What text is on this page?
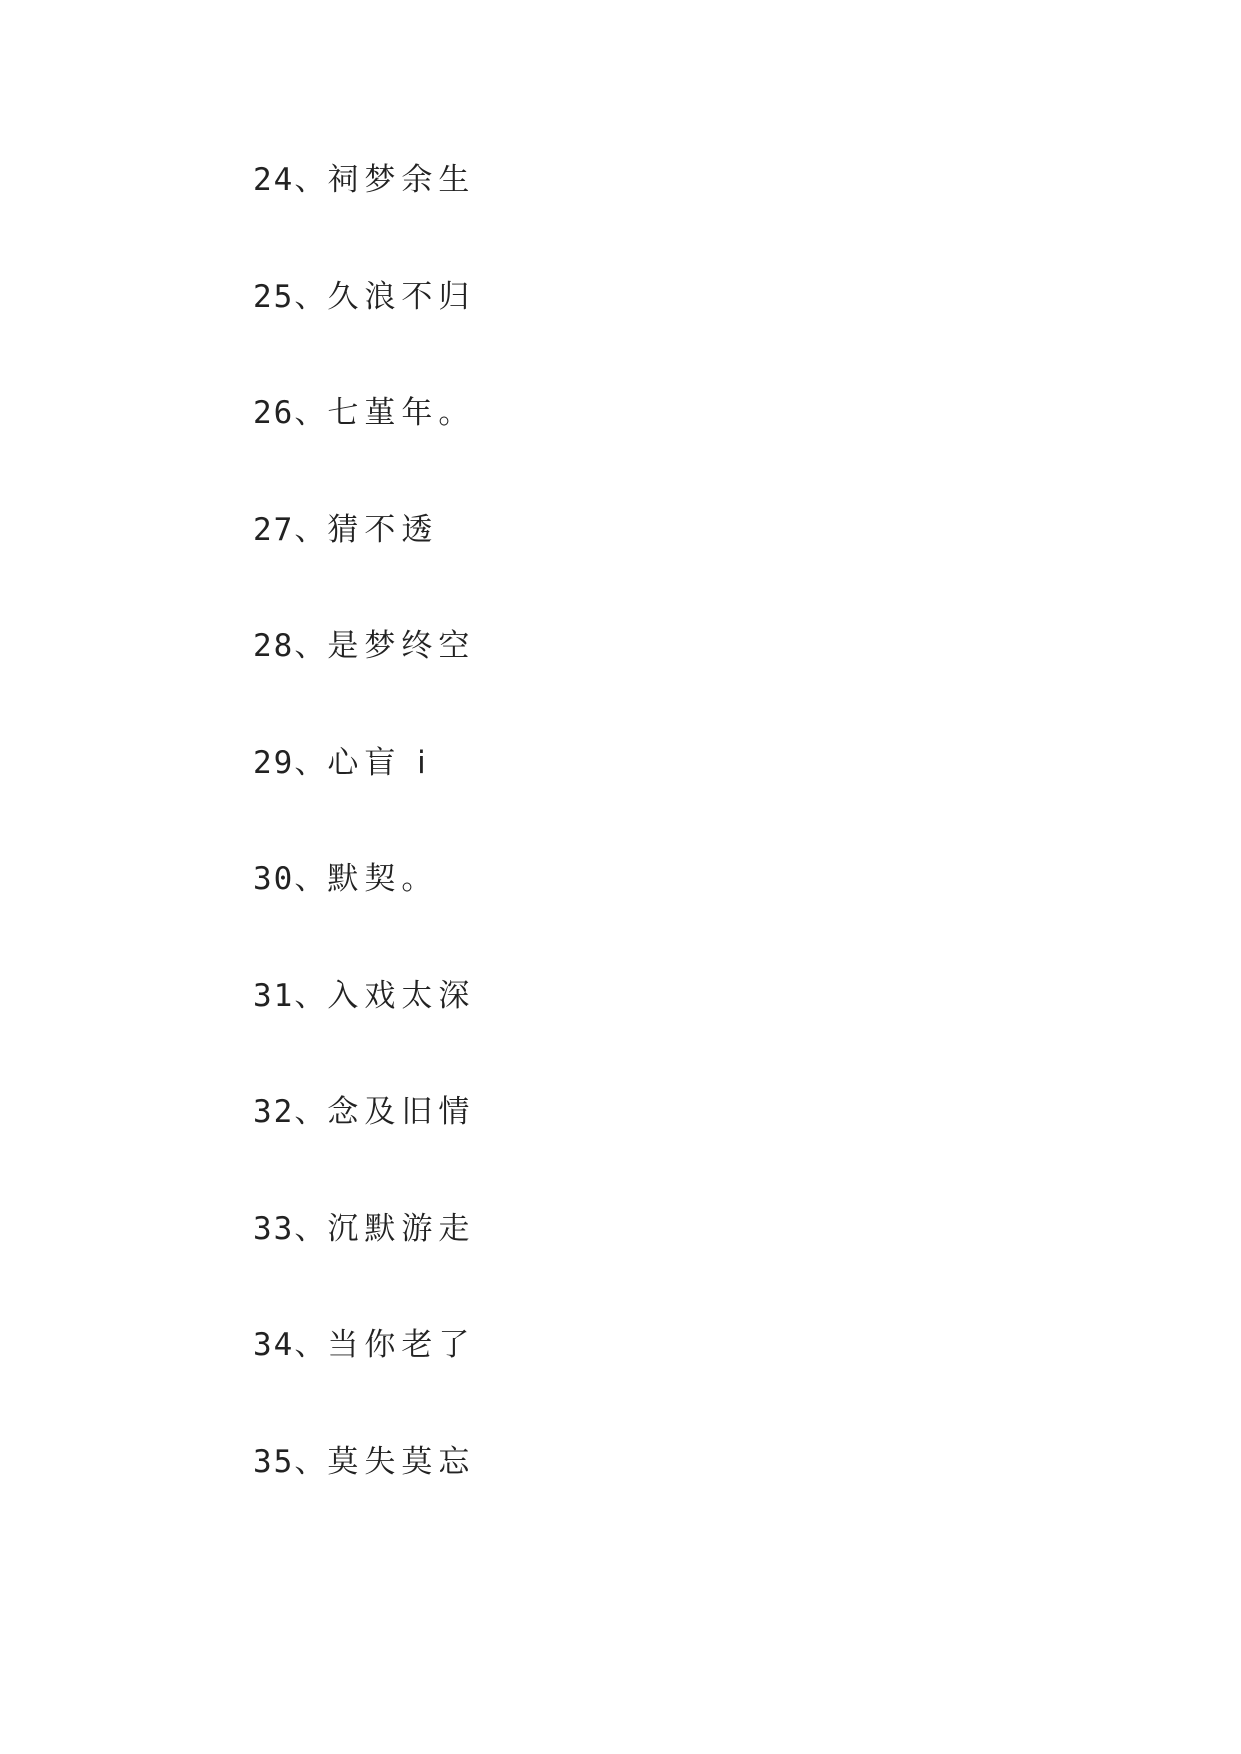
24、 祠梦余生
25、 久浪不归
26、 七堇年。
27、 猜不透
28、 是梦终空
29、 心盲 i
30、 默契。
31、 入戏太深
32、 念及旧情
33、 沉默游走
34、 当你老了
35、 莫失莫忘
